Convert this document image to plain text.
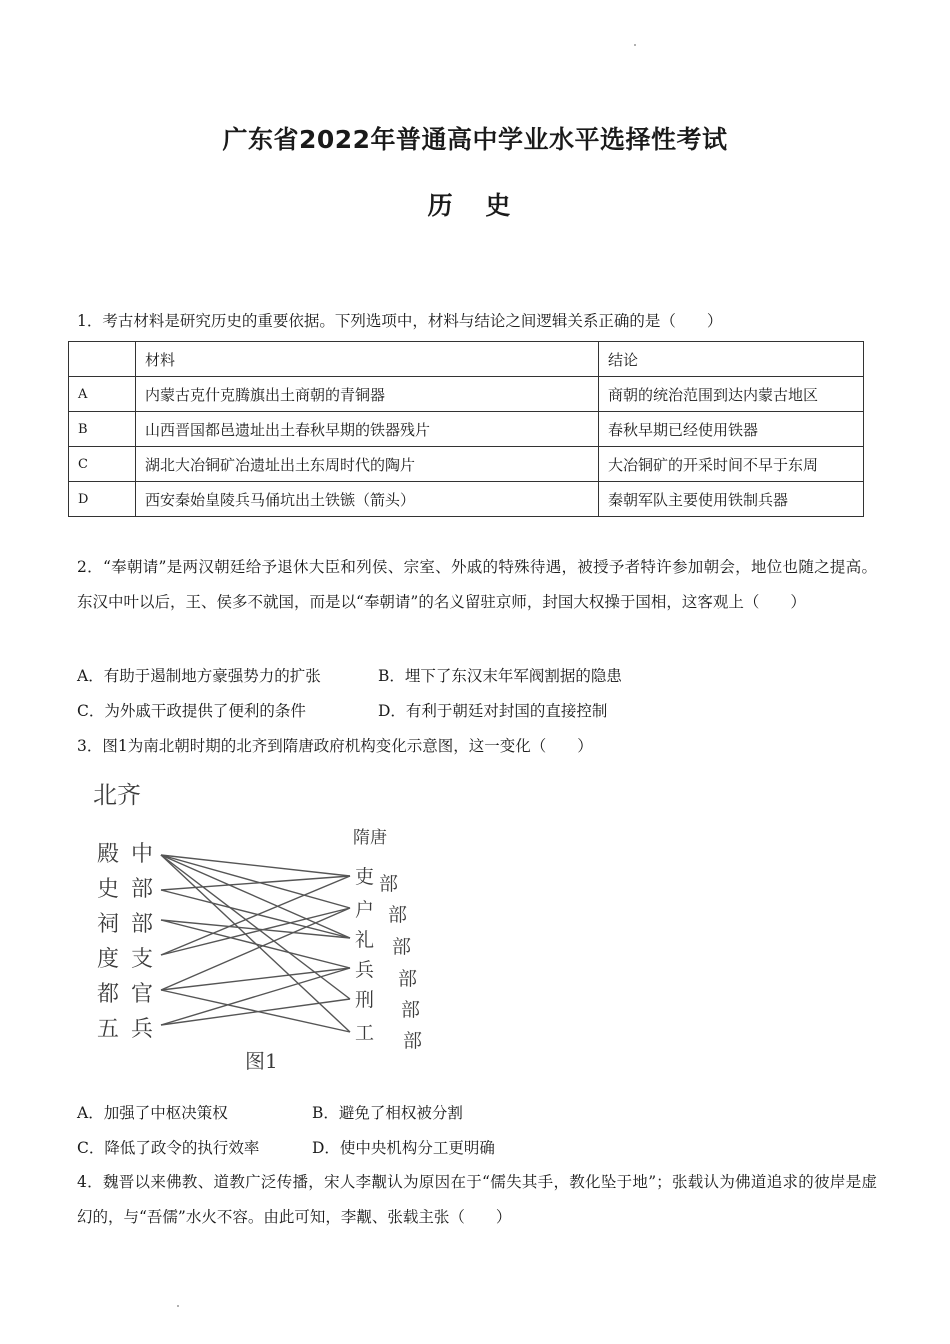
广东省2022年普通高中学业水平选择性考试
历 史
1．考古材料是研究历史的重要依据。下列选项中，材料与结论之间逻辑关系正确的是（　　）
	材料	结论
A	内蒙古克什克腾旗出土商朝的青铜器	商朝的统治范围到达内蒙古地区
B	山西晋国都邑遗址出土春秋早期的铁器残片	春秋早期已经使用铁器
C	湖北大冶铜矿冶遗址出土东周时代的陶片	大冶铜矿的开采时间不早于东周
D	西安秦始皇陵兵马俑坑出土铁镞（箭头）	秦朝军队主要使用铁制兵器
2．“奉朝请”是两汉朝廷给予退休大臣和列侯、宗室、外戚的特殊待遇，被授予者特许参加朝会，地位也随之提高。东汉中叶以后，王、侯多不就国，而是以“奉朝请”的名义留驻京师，封国大权操于国相，这客观上（　　）
A．有助于遏制地方豪强势力的扩张	B．埋下了东汉末年军阀割据的隐患
C．为外戚干政提供了便利的条件	D．有利于朝廷对封国的直接控制
3．图1为南北朝时期的北齐到隋唐政府机构变化示意图，这一变化（　　）
北齐
殿
史
祠
度
都
五
中
部
部
支
官
兵
隋唐
吏
户
礼
兵
刑
工
部
部
部
部
部
部
图1
A．加强了中枢决策权	B．避免了相权被分割
C．降低了政令的执行效率	D．使中央机构分工更明确
4．魏晋以来佛教、道教广泛传播，宋人李觏认为原因在于“儒失其手，教化坠于地”；张载认为佛道追求的彼岸是虚幻的，与“吾儒”水火不容。由此可知，李觏、张载主张（　　）
